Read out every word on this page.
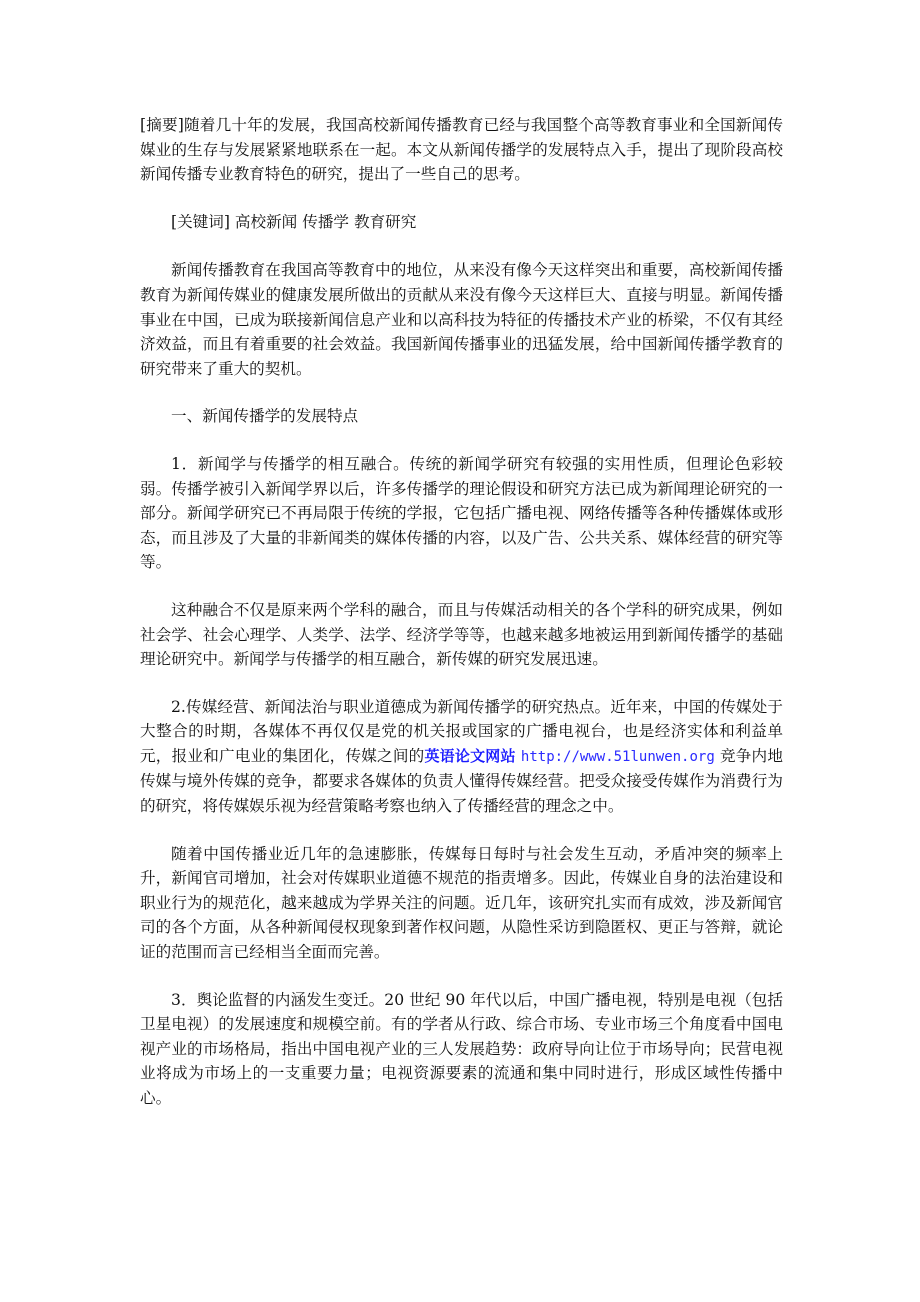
[摘要]随着几十年的发展，我国高校新闻传播教育已经与我国整个高等教育事业和全国新闻传媒业的生存与发展紧紧地联系在一起。本文从新闻传播学的发展特点入手，提出了现阶段高校新闻传播专业教育特色的研究，提出了一些自己的思考。

[关键词] 高校新闻 传播学 教育研究

新闻传播教育在我国高等教育中的地位，从来没有像今天这样突出和重要，高校新闻传播教育为新闻传媒业的健康发展所做出的贡献从来没有像今天这样巨大、直接与明显。新闻传播事业在中国，已成为联接新闻信息产业和以高科技为特征的传播技术产业的桥梁，不仅有其经济效益，而且有着重要的社会效益。我国新闻传播事业的迅猛发展，给中国新闻传播学教育的研究带来了重大的契机。

一、新闻传播学的发展特点

1．新闻学与传播学的相互融合。传统的新闻学研究有较强的实用性质，但理论色彩较弱。传播学被引入新闻学界以后，许多传播学的理论假设和研究方法已成为新闻理论研究的一部分。新闻学研究已不再局限于传统的学报，它包括广播电视、网络传播等各种传播媒体或形态，而且涉及了大量的非新闻类的媒体传播的内容，以及广告、公共关系、媒体经营的研究等等。

这种融合不仅是原来两个学科的融合，而且与传媒活动相关的各个学科的研究成果，例如社会学、社会心理学、人类学、法学、经济学等等，也越来越多地被运用到新闻传播学的基础理论研究中。新闻学与传播学的相互融合，新传媒的研究发展迅速。

2.传媒经营、新闻法治与职业道德成为新闻传播学的研究热点。近年来，中国的传媒处于大整合的时期，各媒体不再仅仅是党的机关报或国家的广播电视台，也是经济实体和利益单元，报业和广电业的集团化，传媒之间的英语论文网站 http://www.51lunwen.org 竞争内地传媒与境外传媒的竞争，都要求各媒体的负责人懂得传媒经营。把受众接受传媒作为消费行为的研究，将传媒娱乐视为经营策略考察也纳入了传播经营的理念之中。

随着中国传播业近几年的急速膨胀，传媒每日每时与社会发生互动，矛盾冲突的频率上升，新闻官司增加，社会对传媒职业道德不规范的指责增多。因此，传媒业自身的法治建设和职业行为的规范化，越来越成为学界关注的问题。近几年，该研究扎实而有成效，涉及新闻官司的各个方面，从各种新闻侵权现象到著作权问题，从隐性采访到隐匿权、更正与答辩，就论证的范围而言已经相当全面而完善。

3．舆论监督的内涵发生变迁。20 世纪 90 年代以后，中国广播电视，特别是电视（包括卫星电视）的发展速度和规模空前。有的学者从行政、综合市场、专业市场三个角度看中国电视产业的市场格局，指出中国电视产业的三人发展趋势：政府导向让位于市场导向；民营电视业将成为市场上的一支重要力量；电视资源要素的流通和集中同时进行，形成区域性传播中心。
